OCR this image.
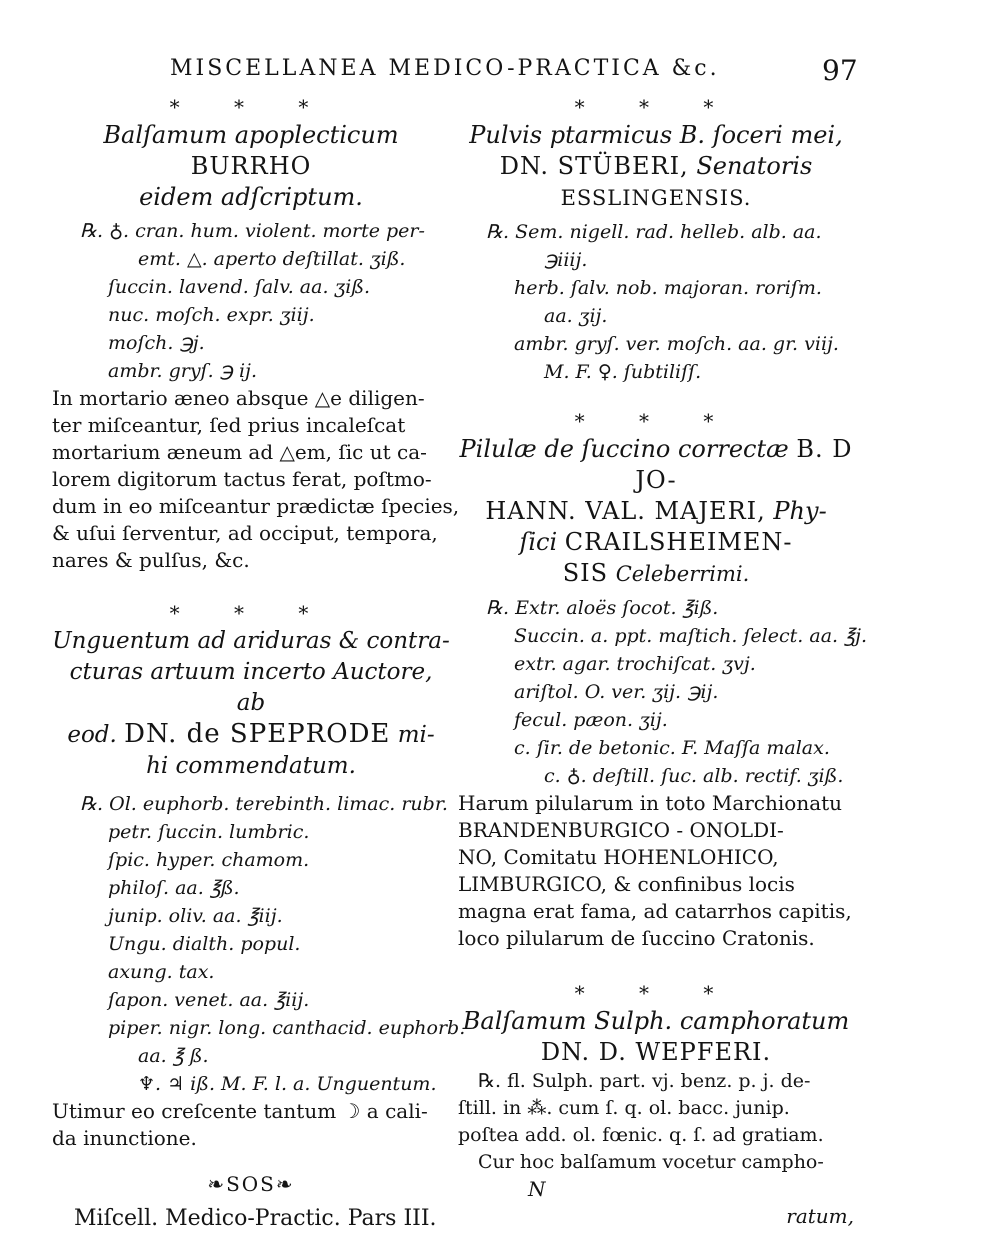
MISCELLANEA MEDICO-PRACTICA &c.	97
* * *
Balſamum apoplecticum BURRHO
eidem adſcriptum.
℞. ♁. cran. hum. violent. morte per-
emt. △. aperto deſtillat. ʒiß.
ſuccin. lavend. ſalv. aa. ʒiß.
nuc. moſch. expr. ʒiij.
moſch. ℈j.
ambr. gryſ. ℈ ij.
In mortario æneo absque △e diligen-
ter miſceantur, ſed prius incaleſcat
mortarium æneum ad △em, ſic ut ca-
lorem digitorum tactus ferat, poſtmo-
dum in eo miſceantur prædictæ ſpecies,
& uſui ſerventur, ad occiput, tempora,
nares & pulſus, &c.
* * *
Unguentum ad ariduras & contra-
cturas artuum incerto Auctore, ab
eod. DN. de SPEPRODE mi-
hi commendatum.
℞. Ol. euphorb. terebinth. limac. rubr.
petr. ſuccin. lumbric.
ſpic. hyper. chamom.
philoſ. aa. ℥ß.
junip. oliv. aa. ℥iij.
Ungu. dialth. popul.
axung. tax.
ſapon. venet. aa. ℥iij.
piper. nigr. long. canthacid. euphorb.
aa. ℥ ß.
♆. ♃ iß. M. F. l. a. Unguentum.
Utimur eo creſcente tantum ☽ a cali-
da inunctione.
❧SOS❧
Miſcell. Medico-Practic. Pars III.
* * *
Pulvis ptarmicus B. ſoceri mei,
DN. STÜBERI, Senatoris
ESSLINGENSIS.
℞. Sem. nigell. rad. helleb. alb. aa.
℈iiij.
herb. ſalv. nob. majoran. roriſm.
aa. ʒij.
ambr. gryſ. ver. moſch. aa. gr. viij.
M. F. ♀. ſubtiliſſ.
* * *
Pilulæ de ſuccino correctæ B. D JO-
HANN. VAL. MAJERI, Phy-
ſici CRAILSHEIMEN-
SIS Celeberrimi.
℞. Extr. aloës ſocot. ℥iß.
Succin. a. ppt. maſtich. ſelect. aa. ℥j.
extr. agar. trochiſcat. ʒvj.
ariſtol. O. ver. ʒij. ℈ij.
fecul. pæon. ʒij.
c. ſir. de betonic. F. Maſſa malax.
c. ♁. deſtill. ſuc. alb. rectif. ʒiß.
Harum pilularum in toto Marchionatu
BRANDENBURGICO - ONOLDI-
NO, Comitatu HOHENLOHICO,
LIMBURGICO, & confinibus locis
magna erat fama, ad catarrhos capitis,
loco pilularum de ſuccino Cratonis.
* * *
Balſamum Sulph. camphoratum
DN. D. WEPFERI.
℞. fl. Sulph. part. vj. benz. p. j. de-
ſtill. in ⁂. cum ſ. q. ol. bacc. junip.
poſtea add. ol. fœnic. q. ſ. ad gratiam.
Cur hoc balſamum vocetur campho-
N
ratum,
